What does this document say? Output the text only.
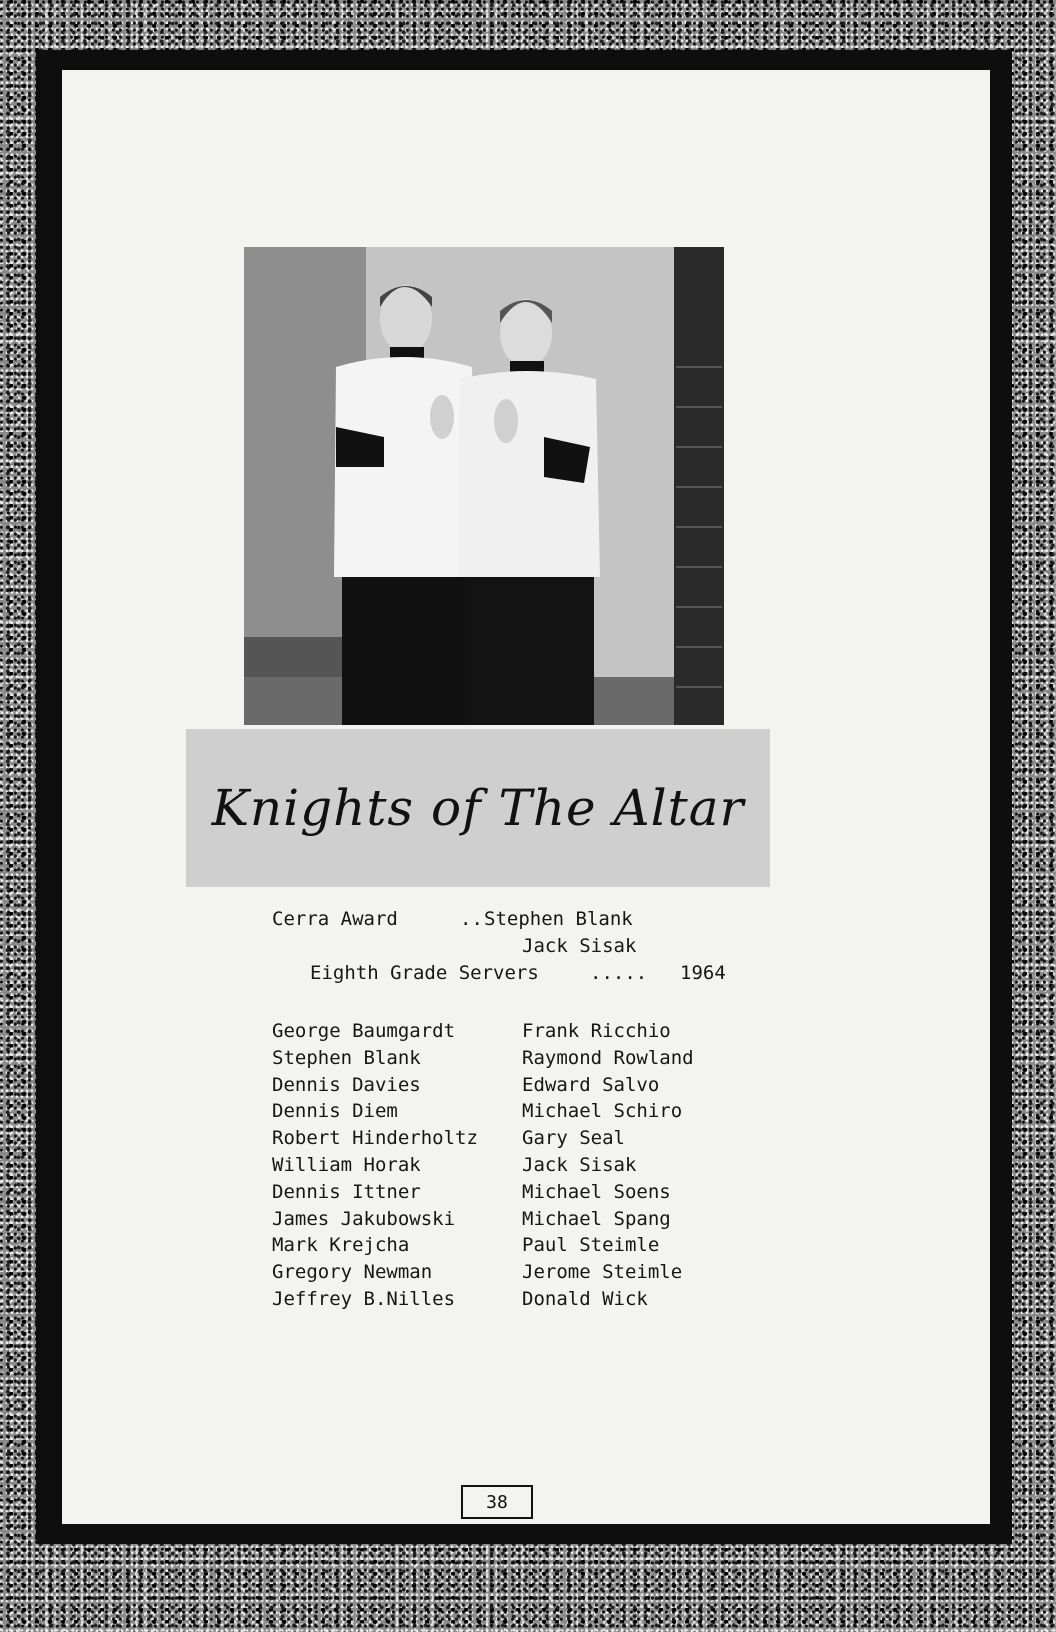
Knights of The Altar
Cerra Award	.. Stephen Blank
Jack Sisak
Eighth Grade Servers	..... 1964
George Baumgardt
Stephen Blank
Dennis Davies
Dennis Diem
Robert Hinderholtz
William Horak
Dennis Ittner
James Jakubowski
Mark Krejcha
Gregory Newman
Jeffrey B.Nilles
Frank Ricchio
Raymond Rowland
Edward Salvo
Michael Schiro
Gary Seal
Jack Sisak
Michael Soens
Michael Spang
Paul Steimle
Jerome Steimle
Donald Wick
38
